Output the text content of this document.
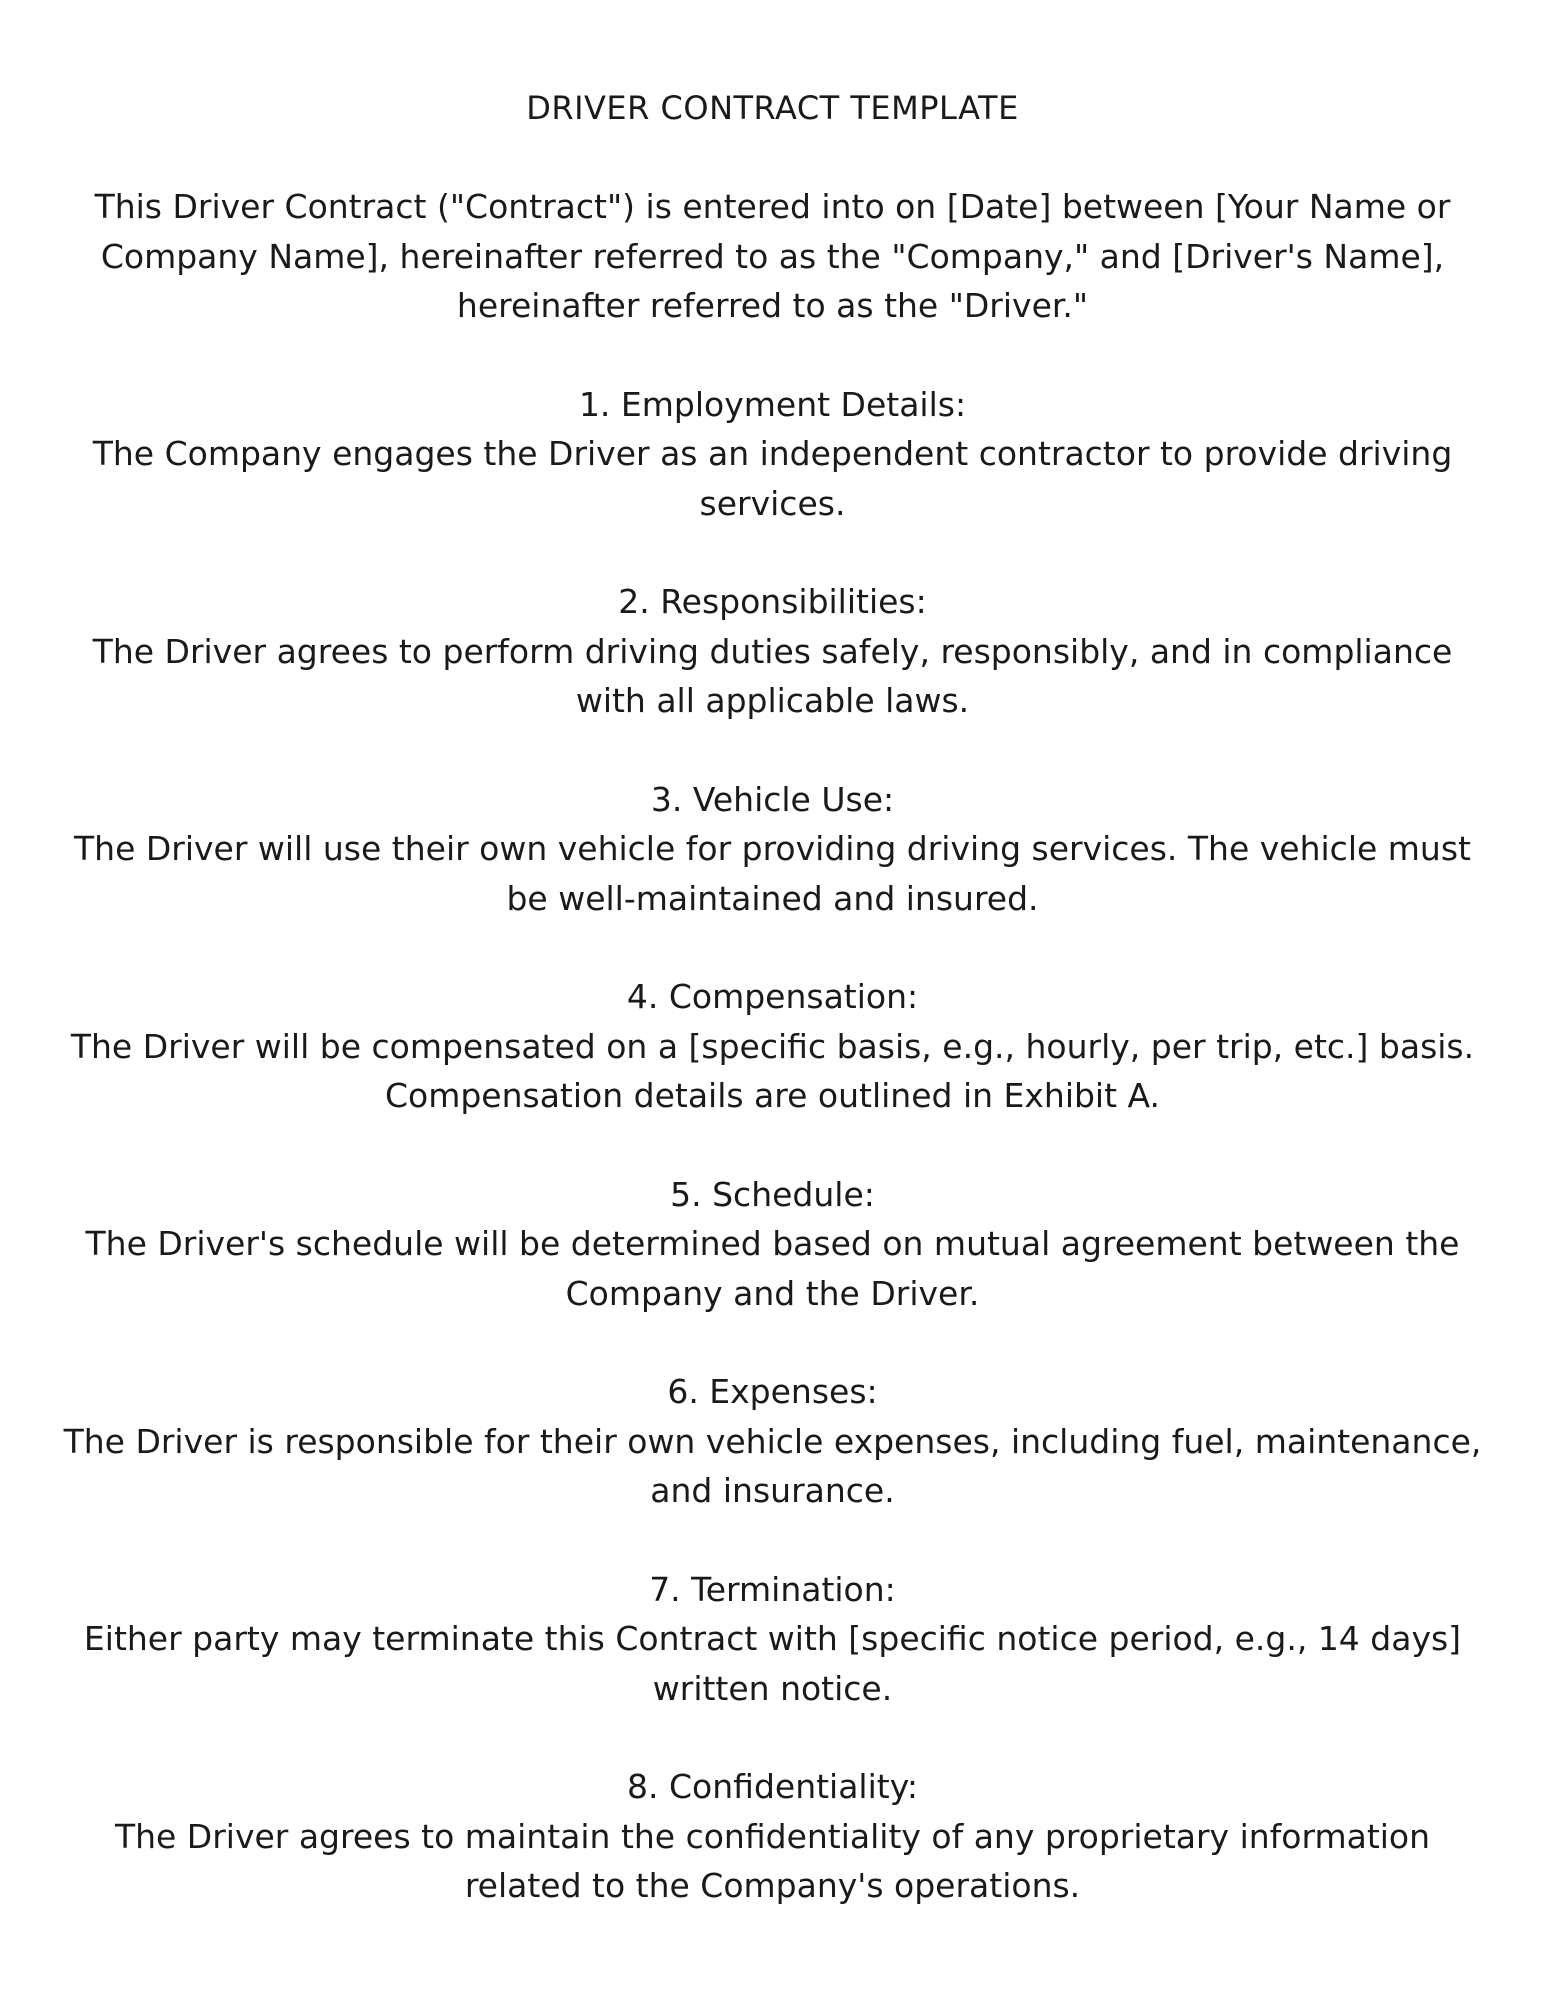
DRIVER CONTRACT TEMPLATE

This Driver Contract ("Contract") is entered into on [Date] between [Your Name or Company Name], hereinafter referred to as the "Company," and [Driver's Name], hereinafter referred to as the "Driver."

1. Employment Details:

The Company engages the Driver as an independent contractor to provide driving services.

2. Responsibilities:

The Driver agrees to perform driving duties safely, responsibly, and in compliance with all applicable laws.

3. Vehicle Use:

The Driver will use their own vehicle for providing driving services. The vehicle must be well-maintained and insured.

4. Compensation:

The Driver will be compensated on a [specific basis, e.g., hourly, per trip, etc.] basis. Compensation details are outlined in Exhibit A.

5. Schedule:

The Driver's schedule will be determined based on mutual agreement between the Company and the Driver.

6. Expenses:

The Driver is responsible for their own vehicle expenses, including fuel, maintenance, and insurance.

7. Termination:

Either party may terminate this Contract with [specific notice period, e.g., 14 days] written notice.

8. Confidentiality:

The Driver agrees to maintain the confidentiality of any proprietary information related to the Company's operations.
